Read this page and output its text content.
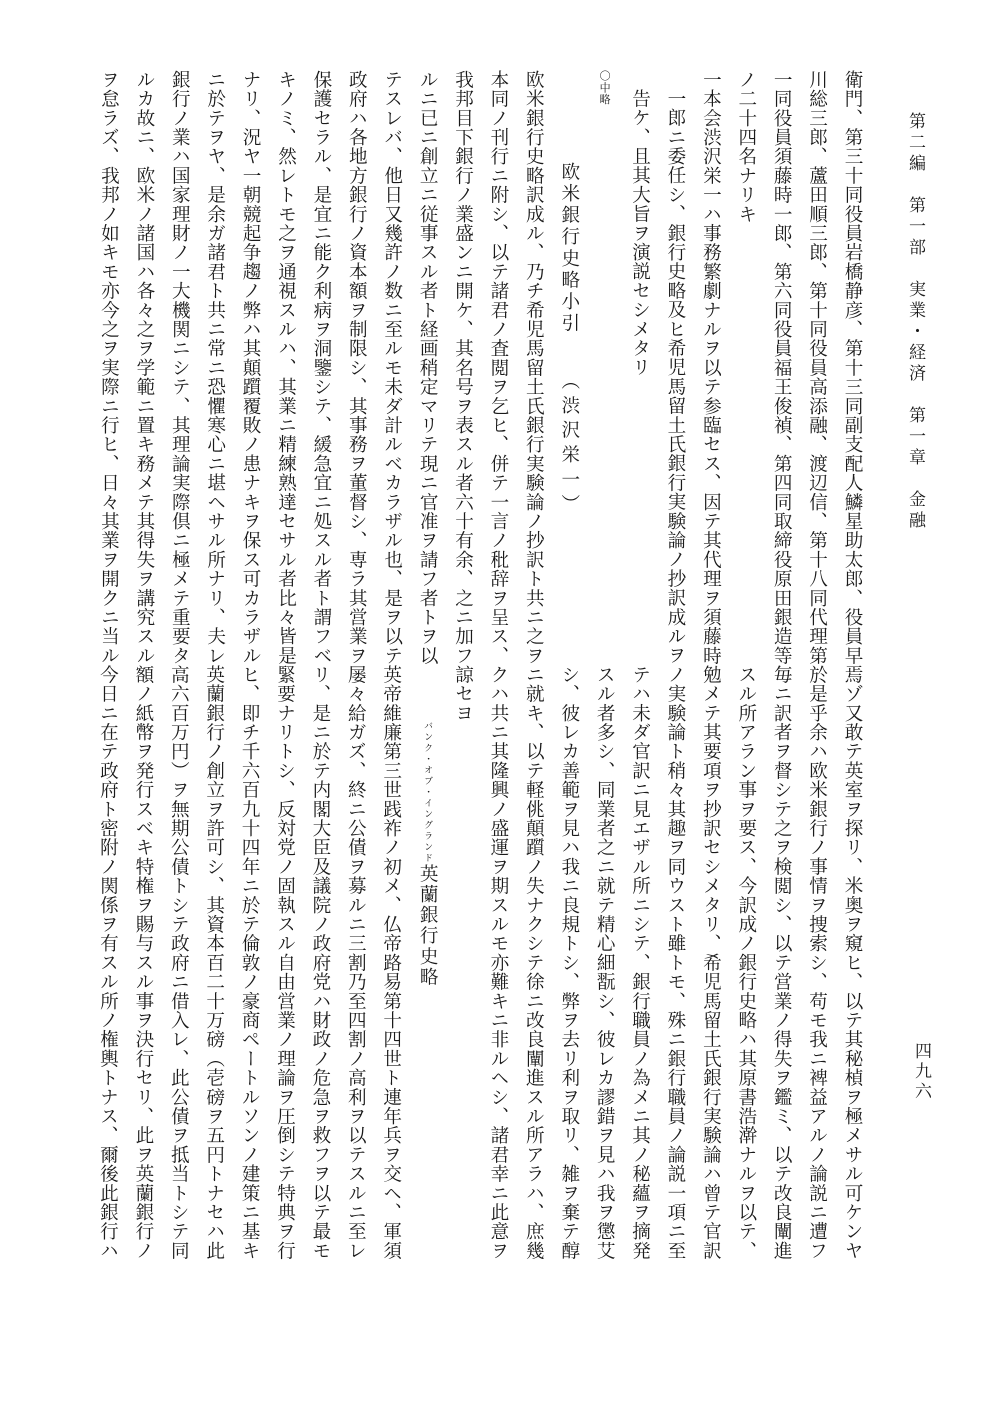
第二編　第一部　実業・経済　第一章　金融
四九六
衛門、第三十同役員岩橋静彦、第十三同副支配人鱗星助太郎、役員早
川総三郎、蘆田順三郎、第十同役員高添融、渡辺信、第十八同代理第
一同役員須藤時一郎、第六同役員福王俊禎、第四同取締役原田銀造等
ノ二十四名ナリキ
一本会渋沢栄一ハ事務繁劇ナルヲ以テ参臨セス、因テ其代理ヲ須藤時
一郎ニ委任シ、銀行史略及ヒ希児馬留土氏銀行実験論ノ抄訳成ルヲ
告ケ、且其大旨ヲ演説セシメタリ
〇中略
欧米銀行史略小引（渋沢栄一）
欧米銀行史略訳成ル、乃チ希児馬留土氏銀行実験論ノ抄訳ト共ニ之ヲ
本同ノ刊行ニ附シ、以テ諸君ノ査閲ヲ乞ヒ、併テ一言ノ秕辞ヲ呈ス、
我邦目下銀行ノ業盛ンニ開ケ、其名号ヲ表スル者六十有余、之ニ加フ
ルニ已ニ創立ニ従事スル者ト経画稍定マリテ現ニ官准ヲ請フ者トヲ以
テスレバ、他日又幾許ノ数ニ至ルモ未ダ計ルベカラザル也、是ヲ以テ
政府ハ各地方銀行ノ資本額ヲ制限シ、其事務ヲ董督シ、専ラ其営業ヲ
保護セラル、是宜ニ能ク利病ヲ洞鑒シテ、緩急宜ニ処スル者ト謂フベ
キノミ、然レトモ之ヲ通視スルハ、其業ニ精練熟達セサル者比々皆是
ナリ、況ヤ一朝競起争趨ノ弊ハ其顛躓覆敗ノ患ナキヲ保ス可カラザル
ニ於テヲヤ、是余ガ諸君ト共ニ常ニ恐懼寒心ニ堪ヘサル所ナリ、夫レ
銀行ノ業ハ国家理財ノ一大機関ニシテ、其理論実際倶ニ極メテ重要タ
ルカ故ニ、欧米ノ諸国ハ各々之ヲ学範ニ置キ務メテ其得失ヲ講究スル
ヲ怠ラズ、我邦ノ如キモ亦今之ヲ実際ニ行ヒ、日々其業ヲ開クニ当ル
焉ゾ又敢テ英室ヲ探リ、米奥ヲ窺ヒ、以テ其秘楨ヲ極メサル可ケンヤ
於是乎余ハ欧米銀行ノ事情ヲ捜索シ、苟モ我ニ裨益アルノ論説ニ遭フ
毎ニ訳者ヲ督シテ之ヲ検閲シ、以テ営業ノ得失ヲ鑑ミ、以テ改良闡進
スル所アラン事ヲ要ス、今訳成ノ銀行史略ハ其原書浩澣ナルヲ以テ、
勉メテ其要項ヲ抄訳セシメタリ、希児馬留土氏銀行実験論ハ曾テ官訳
ノ実験論ト稍々其趣ヲ同ウスト雖トモ、殊ニ銀行職員ノ論説一項ニ至
テハ未ダ官訳ニ見エザル所ニシテ、銀行職員ノ為メニ其ノ秘蘊ヲ摘発
スル者多シ、同業者之ニ就テ精心細翫シ、彼レカ謬錯ヲ見ハ我ヲ懲艾
シ、彼レカ善範ヲ見ハ我ニ良規トシ、弊ヲ去リ利ヲ取リ、雑ヲ棄テ醇
ニ就キ、以テ軽佻顛躓ノ失ナクシテ徐ニ改良闡進スル所アラハ、庶幾
クハ共ニ其隆興ノ盛運ヲ期スルモ亦難キニ非ルヘシ、諸君幸ニ此意ヲ
諒セヨ
バンク・オブ・イングランド英蘭銀行史略
英帝維廉第三世践祚ノ初メ、仏帝路易第十四世ト連年兵ヲ交ヘ、軍須
屡々給ガズ、終ニ公債ヲ募ルニ三割乃至四割ノ高利ヲ以テスルニ至レ
リ、是ニ於テ内閣大臣及議院ノ政府党ハ財政ノ危急ヲ救フヲ以テ最モ
緊要ナリトシ、反対党ノ固執スル自由営業ノ理論ヲ圧倒シテ特典ヲ行
ヒ、即チ千六百九十四年ニ於テ倫敦ノ豪商ペートルソンノ建策ニ基キ
英蘭銀行ノ創立ヲ許可シ、其資本百二十万磅（壱磅ヲ五円トナセハ此
高六百万円）ヲ無期公債トシテ政府ニ借入レ、此公債ヲ抵当トシテ同
額ノ紙幣ヲ発行スベキ特権ヲ賜与スル事ヲ決行セリ、此ヲ英蘭銀行ノ
今日ニ在テ政府ト密附ノ関係ヲ有スル所ノ権輿トナス、爾後此銀行ハ
